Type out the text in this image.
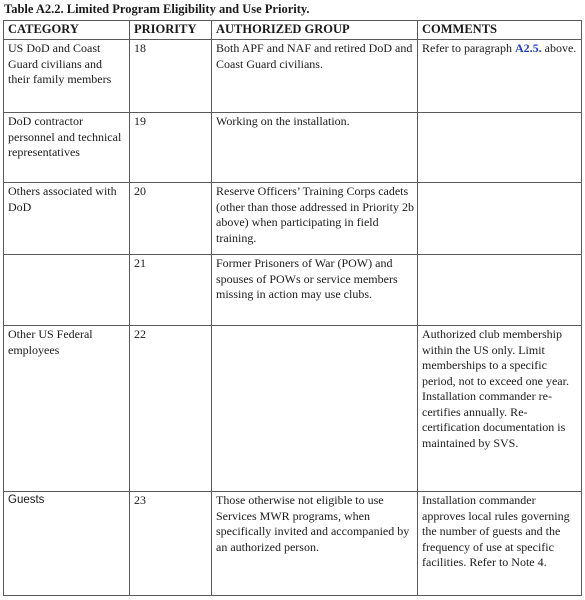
Table A2.2. Limited Program Eligibility and Use Priority.
CATEGORY	PRIORITY	AUTHORIZED GROUP	COMMENTS
US DoD and Coast Guard civilians and their family members	18	Both APF and NAF and retired DoD and Coast Guard civilians.	Refer to paragraph A2.5. above.
DoD contractor personnel and technical representatives	19	Working on the installation.	
Others associated with DoD	20	Reserve Officers’ Training Corps cadets (other than those addressed in Priority 2b above) when participating in field training.	
	21	Former Prisoners of War (POW) and spouses of POWs or service members missing in action may use clubs.	
Other US Federal employees	22		Authorized club membership within the US only. Limit memberships to a specific period, not to exceed one year. Installation commander re-certifies annually. Re-certification documentation is maintained by SVS.
Guests	23	Those otherwise not eligible to use Services MWR programs, when specifically invited and accompanied by an authorized person.	Installation commander approves local rules governing the number of guests and the frequency of use at specific facilities. Refer to Note 4.
